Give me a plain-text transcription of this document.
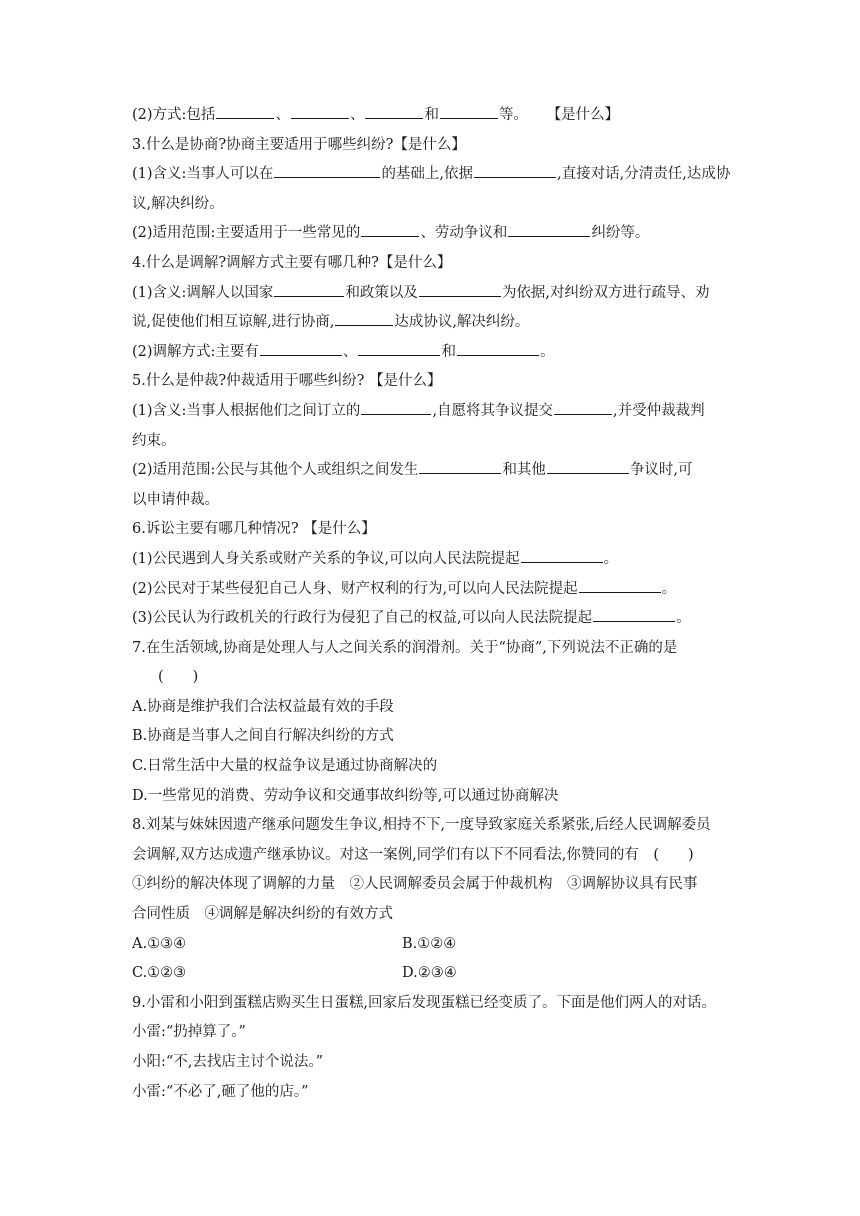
(2)方式:包括	、	、	和	等。 【是什么】
3.什么是协商?协商主要适用于哪些纠纷?【是什么】
(1)含义:当事人可以在	的基础上,依据	,直接对话,分清责任,达成协
议,解决纠纷。
(2)适用范围:主要适用于一些常见的	、劳动争议和	纠纷等。
4.什么是调解?调解方式主要有哪几种?【是什么】
(1)含义:调解人以国家	和政策以及	为依据,对纠纷双方进行疏导、劝
说,促使他们相互谅解,进行协商,	达成协议,解决纠纷。
(2)调解方式:主要有	、	和	。
5.什么是仲裁?仲裁适用于哪些纠纷? 【是什么】
(1)含义:当事人根据他们之间订立的	,自愿将其争议提交	,并受仲裁裁判
约束。
(2)适用范围:公民与其他个人或组织之间发生	和其他	争议时,可
以申请仲裁。
6.诉讼主要有哪几种情况? 【是什么】
(1)公民遇到人身关系或财产关系的争议,可以向人民法院提起	。
(2)公民对于某些侵犯自己人身、财产权利的行为,可以向人民法院提起	。
(3)公民认为行政机关的行政行为侵犯了自己的权益,可以向人民法院提起	。
7.在生活领域,协商是处理人与人之间关系的润滑剂。关于“协商”,下列说法不正确的是
(　　)
A.协商是维护我们合法权益最有效的手段
B.协商是当事人之间自行解决纠纷的方式
C.日常生活中大量的权益争议是通过协商解决的
D.一些常见的消费、劳动争议和交通事故纠纷等,可以通过协商解决
8.刘某与妹妹因遗产继承问题发生争议,相持不下,一度导致家庭关系紧张,后经人民调解委员
会调解,双方达成遗产继承协议。对这一案例,同学们有以下不同看法,你赞同的有　(　　)
①纠纷的解决体现了调解的力量　②人民调解委员会属于仲裁机构　③调解协议具有民事
合同性质　④调解是解决纠纷的有效方式
A.①③④	B.①②④
C.①②③	D.②③④
9.小雷和小阳到蛋糕店购买生日蛋糕,回家后发现蛋糕已经变质了。下面是他们两人的对话。
小雷:“扔掉算了。”
小阳:“不,去找店主讨个说法。”
小雷:“不必了,砸了他的店。”
